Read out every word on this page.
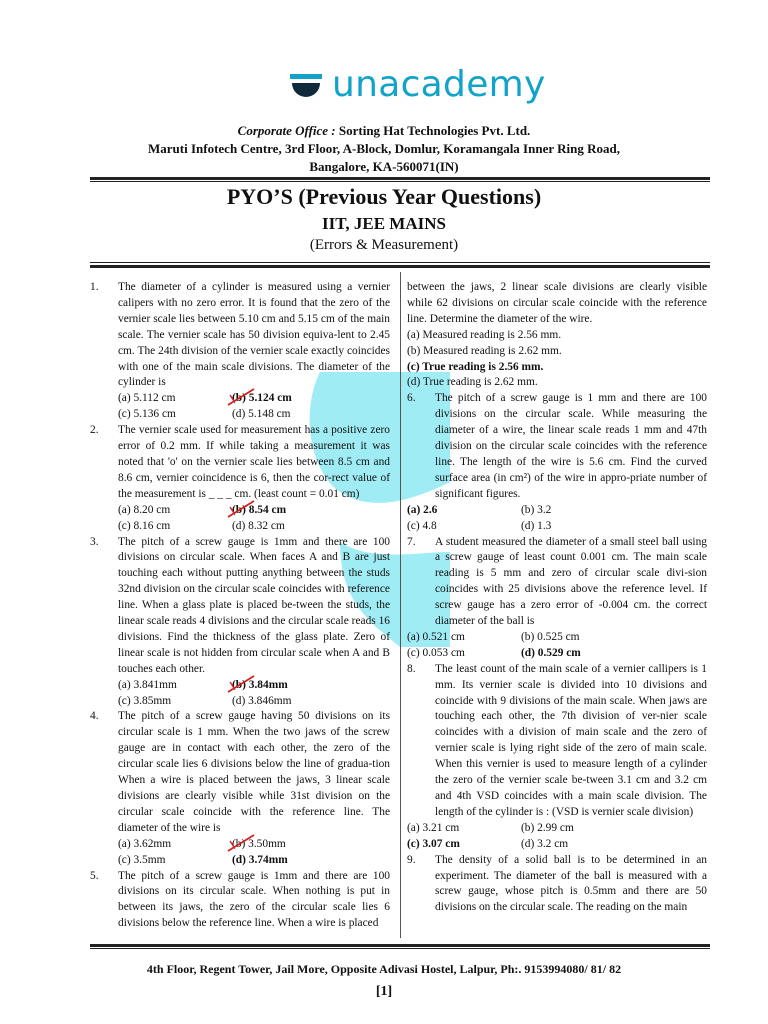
unacademy
Corporate Office : Sorting Hat Technologies Pvt. Ltd.
Maruti Infotech Centre, 3rd Floor, A-Block, Domlur, Koramangala Inner Ring Road,
Bangalore, KA-560071(IN)
PYO’S (Previous Year Questions)
IIT, JEE MAINS
(Errors & Measurement)
1.	The diameter of a cylinder is measured using a vernier calipers with no zero error. It is found that the zero of the vernier scale lies between 5.10 cm and 5.15 cm of the main scale. The vernier scale has 50 division equiva-lent to 2.45 cm. The 24th division of the vernier scale exactly coincides with one of the main scale divisions. The diameter of the cylinder is
(a) 5.112 cm	(b) 5.124 cm
(c) 5.136 cm	(d) 5.148 cm
2.	The vernier scale used for measurement has a positive zero error of 0.2 mm. If while taking a measurement it was noted that 'o' on the vernier scale lies between 8.5 cm and 8.6 cm, vernier coincidence is 6, then the cor-rect value of the measurement is _ _ _ cm. (least count = 0.01 cm)
(a) 8.20 cm	(b) 8.54 cm
(c) 8.16 cm	(d) 8.32 cm
3.	The pitch of a screw gauge is 1mm and there are 100 divisions on circular scale. When faces A and B are just touching each without putting anything between the studs 32nd division on the circular scale coincides with reference line. When a glass plate is placed be-tween the studs, the linear scale reads 4 divisions and the circular scale reads 16 divisions. Find the thickness of the glass plate. Zero of linear scale is not hidden from circular scale when A and B touches each other.
(a) 3.841mm	(b) 3.84mm
(c) 3.85mm	(d) 3.846mm
4.	The pitch of a screw gauge having 50 divisions on its circular scale is 1 mm. When the two jaws of the screw gauge are in contact with each other, the zero of the circular scale lies 6 divisions below the line of gradua-tion When a wire is placed between the jaws, 3 linear scale divisions are clearly visible while 31st division on the circular scale coincide with the reference line. The diameter of the wire is
(a) 3.62mm	(b) 3.50mm
(c) 3.5mm	(d) 3.74mm
5.	The pitch of a screw gauge is 1mm and there are 100 divisions on its circular scale. When nothing is put in between its jaws, the zero of the circular scale lies 6 divisions below the reference line. When a wire is placed
between the jaws, 2 linear scale divisions are clearly visible while 62 divisions on circular scale coincide with the reference line. Determine the diameter of the wire.
(a) Measured reading is 2.56 mm.
(b) Measured reading is 2.62 mm.
(c) True reading is 2.56 mm.
(d) True reading is 2.62 mm.
6.	The pitch of a screw gauge is 1 mm and there are 100 divisions on the circular scale. While measuring the diameter of a wire, the linear scale reads 1 mm and 47th division on the circular scale coincides with the reference line. The length of the wire is 5.6 cm. Find the curved surface area (in cm²) of the wire in appro-priate number of significant figures.
(a) 2.6	(b) 3.2
(c) 4.8	(d) 1.3
7.	A student measured the diameter of a small steel ball using a screw gauge of least count 0.001 cm. The main scale reading is 5 mm and zero of circular scale divi-sion coincides with 25 divisions above the reference level. If screw gauge has a zero error of -0.004 cm. the correct diameter of the ball is
(a) 0.521 cm	(b) 0.525 cm
(c) 0.053 cm	(d) 0.529 cm
8.	The least count of the main scale of a vernier callipers is 1 mm. Its vernier scale is divided into 10 divisions and coincide with 9 divisions of the main scale. When jaws are touching each other, the 7th division of ver-nier scale coincides with a division of main scale and the zero of vernier scale is lying right side of the zero of main scale. When this vernier is used to measure length of a cylinder the zero of the vernier scale be-tween 3.1 cm and 3.2 cm and 4th VSD coincides with a main scale division. The length of the cylinder is : (VSD is vernier scale division)
(a) 3.21 cm	(b) 2.99 cm
(c) 3.07 cm	(d) 3.2 cm
9.	The density of a solid ball is to be determined in an experiment. The diameter of the ball is measured with a screw gauge, whose pitch is 0.5mm and there are 50 divisions on the circular scale. The reading on the main
4th Floor, Regent Tower, Jail More, Opposite Adivasi Hostel, Lalpur, Ph:. 9153994080/ 81/ 82
[1]
